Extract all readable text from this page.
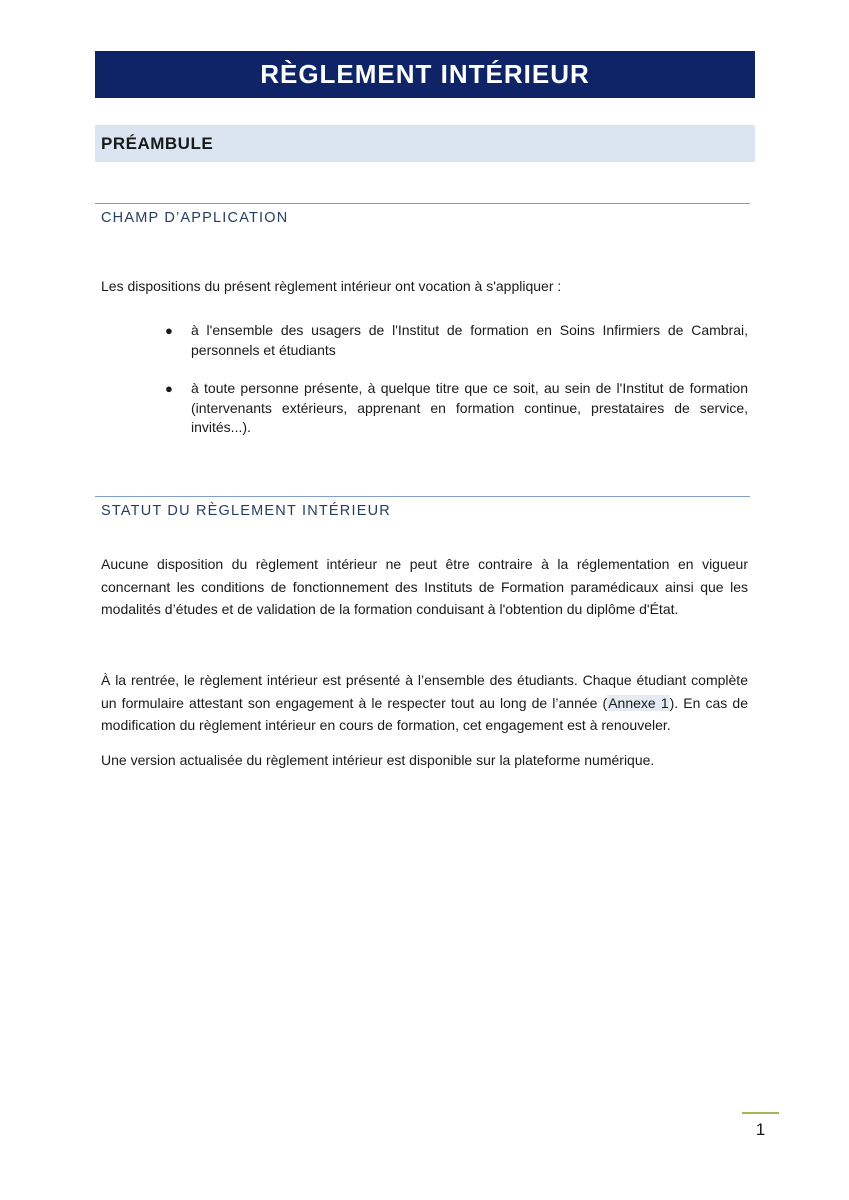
RÈGLEMENT INTÉRIEUR
PRÉAMBULE
CHAMP D’APPLICATION

Les dispositions du présent règlement intérieur ont vocation à s'appliquer :

● à l'ensemble des usagers de l'Institut de formation en Soins Infirmiers de Cambrai, personnels et étudiants
● à toute personne présente, à quelque titre que ce soit, au sein de l'Institut de formation (intervenants extérieurs, apprenant en formation continue, prestataires de service, invités...).
STATUT DU RÈGLEMENT INTÉRIEUR

Aucune disposition du règlement intérieur ne peut être contraire à la réglementation en vigueur concernant les conditions de fonctionnement des Instituts de Formation paramédicaux ainsi que les modalités d’études et de validation de la formation conduisant à l'obtention du diplôme d'État.

À la rentrée, le règlement intérieur est présenté à l’ensemble des étudiants. Chaque étudiant complète un formulaire attestant son engagement à le respecter tout au long de l’année (Annexe 1). En cas de modification du règlement intérieur en cours de formation, cet engagement est à renouveler.

Une version actualisée du règlement intérieur est disponible sur la plateforme numérique.

1
